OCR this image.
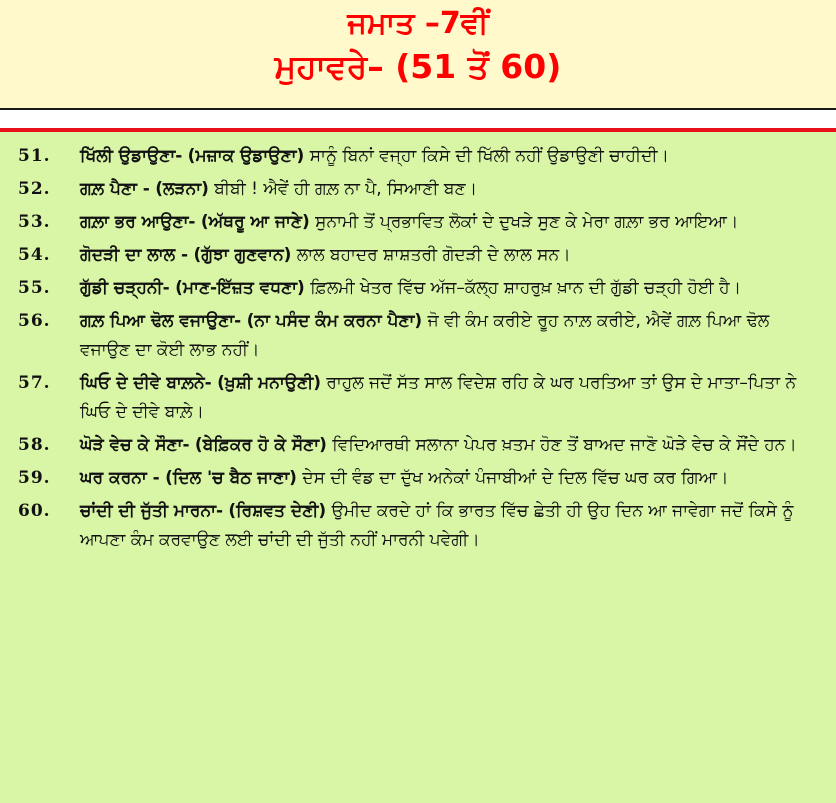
ਜਮਾਤ –7ਵੀਂ
ਮੁਹਾਵਰੇ– (51 ਤੋਂ 60)
51.	ਖਿੱਲੀ ਉਡਾਉਣਾ- (ਮਜ਼ਾਕ ਉਡਾਉਣਾ) ਸਾਨੂੰ ਬਿਨਾਂ ਵਜ੍ਹਾ ਕਿਸੇ ਦੀ ਖਿੱਲੀ ਨਹੀਂ ਉਡਾਉਣੀ ਚਾਹੀਦੀ।
52.	ਗਲ਼ ਪੈਣਾ - (ਲੜਨਾ) ਬੀਬੀ ! ਐਵੇਂ ਹੀ ਗਲ਼ ਨਾ ਪੈ, ਸਿਆਣੀ ਬਣ।
53.	ਗਲ਼ਾ ਭਰ ਆਉਣਾ- (ਅੱਥਰੂ ਆ ਜਾਣੇ) ਸੁਨਾਮੀ ਤੋਂ ਪ੍ਰਭਾਵਿਤ ਲੋਕਾਂ ਦੇ ਦੁਖੜੇ ਸੁਣ ਕੇ ਮੇਰਾ ਗਲ਼ਾ ਭਰ ਆਇਆ।
54.	ਗੋਦੜੀ ਦਾ ਲਾਲ - (ਗੁੱਝਾ ਗੁਣਵਾਨ) ਲਾਲ ਬਹਾਦਰ ਸ਼ਾਸ਼ਤਰੀ ਗੋਦੜੀ ਦੇ ਲਾਲ ਸਨ।
55.	ਗੁੱਡੀ ਚੜ੍ਹਨੀ- (ਮਾਣ-ਇੱਜ਼ਤ ਵਧਣਾ) ਫ਼ਿਲਮੀ ਖੇਤਰ ਵਿੱਚ ਅੱਜ–ਕੱਲ੍ਹ ਸ਼ਾਹਰੁਖ਼ ਖ਼ਾਨ ਦੀ ਗੁੱਡੀ ਚੜ੍ਹੀ ਹੋਈ ਹੈ।
56.	ਗਲ਼ ਪਿਆ ਢੋਲ ਵਜਾਉਣਾ- (ਨਾ ਪਸੰਦ ਕੰਮ ਕਰਨਾ ਪੈਣਾ) ਜੋ ਵੀ ਕੰਮ ਕਰੀਏ ਰੂਹ ਨਾਲ਼ ਕਰੀਏ, ਐਵੇਂ ਗਲ਼ ਪਿਆ ਢੋਲ ਵਜਾਉਣ ਦਾ ਕੋਈ ਲਾਭ ਨਹੀਂ।
57.	ਘਿਓ ਦੇ ਦੀਵੇ ਬਾਲ਼ਨੇ- (ਖ਼ੁਸ਼ੀ ਮਨਾਉਣੀ) ਰਾਹੁਲ ਜਦੋਂ ਸੱਤ ਸਾਲ ਵਿਦੇਸ਼ ਰਹਿ ਕੇ ਘਰ ਪਰਤਿਆ ਤਾਂ ਉਸ ਦੇ ਮਾਤਾ–ਪਿਤਾ ਨੇ ਘਿਓ ਦੇ ਦੀਵੇ ਬਾਲ਼ੇ।
58.	ਘੋੜੇ ਵੇਚ ਕੇ ਸੌਣਾ- (ਬੇਫ਼ਿਕਰ ਹੋ ਕੇ ਸੌਣਾ) ਵਿਦਿਆਰਥੀ ਸਲਾਨਾ ਪੇਪਰ ਖ਼ਤਮ ਹੋਣ ਤੋਂ ਬਾਅਦ ਜਾਣੋ ਘੋੜੇ ਵੇਚ ਕੇ ਸੌਂਦੇ ਹਨ।
59.	ਘਰ ਕਰਨਾ - (ਦਿਲ 'ਚ ਬੈਠ ਜਾਣਾ) ਦੇਸ ਦੀ ਵੰਡ ਦਾ ਦੁੱਖ ਅਨੇਕਾਂ ਪੰਜਾਬੀਆਂ ਦੇ ਦਿਲ ਵਿੱਚ ਘਰ ਕਰ ਗਿਆ।
60.	ਚਾਂਦੀ ਦੀ ਜੁੱਤੀ ਮਾਰਨਾ- (ਰਿਸ਼ਵਤ ਦੇਣੀ) ਉਮੀਦ ਕਰਦੇ ਹਾਂ ਕਿ ਭਾਰਤ ਵਿੱਚ ਛੇਤੀ ਹੀ ਉਹ ਦਿਨ ਆ ਜਾਵੇਗਾ ਜਦੋਂ ਕਿਸੇ ਨੂੰ ਆਪਣਾ ਕੰਮ ਕਰਵਾਉਣ ਲਈ ਚਾਂਦੀ ਦੀ ਜੁੱਤੀ ਨਹੀਂ ਮਾਰਨੀ ਪਵੇਗੀ।
